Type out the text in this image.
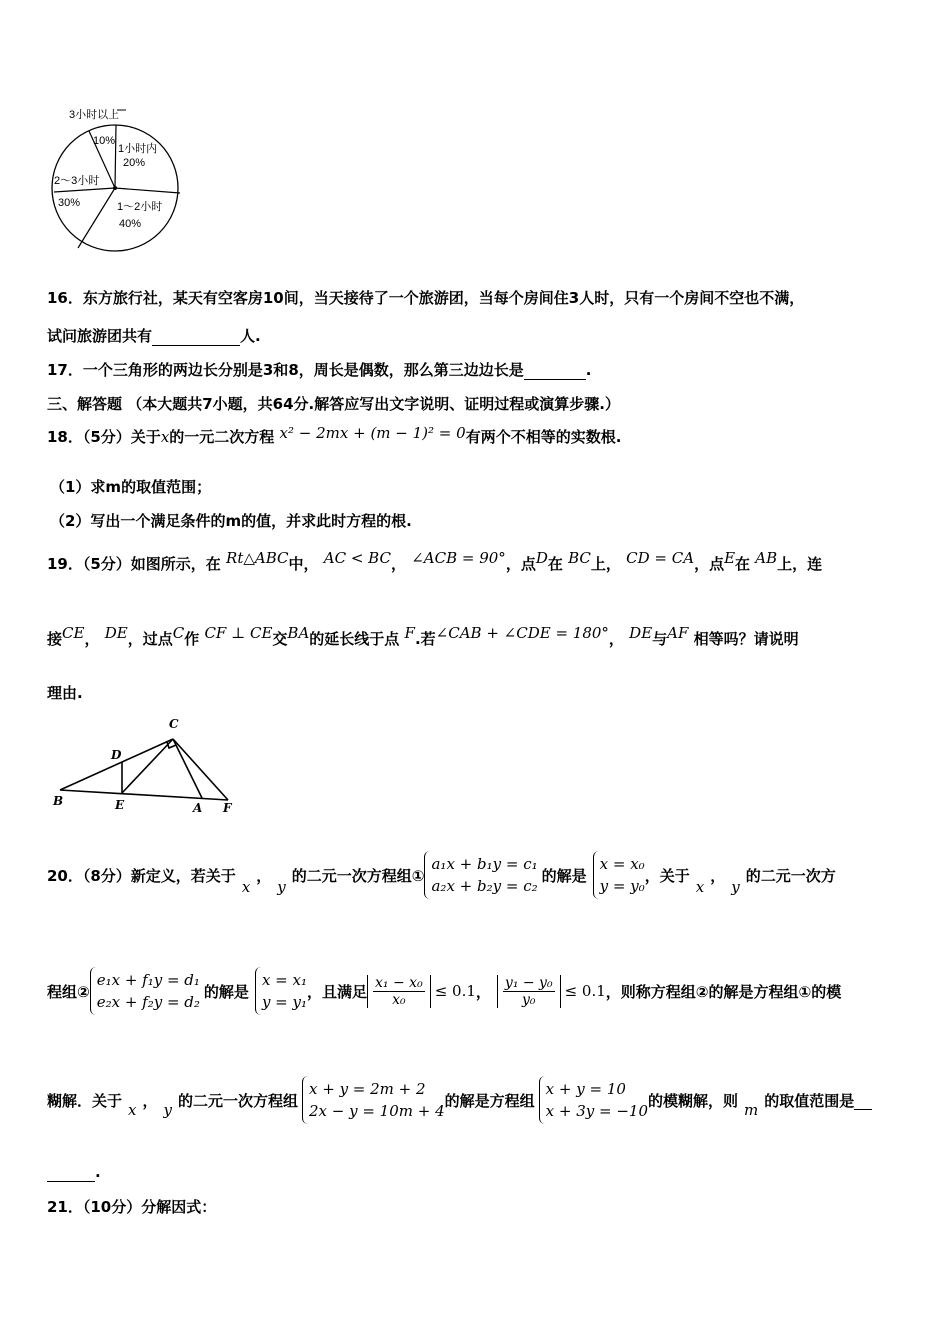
3小时以上
10%
1小时内
20%
2～3小时
30%	1～2小时
40%
16．东方旅行社，某天有空客房10间，当天接待了一个旅游团，当每个房间住3人时，只有一个房间不空也不满，
试问旅游团共有	人.
17．一个三角形的两边长分别是3和8，周长是偶数，那么第三边边长是	.
三、解答题 （本大题共7小题，共64分.解答应写出文字说明、证明过程或演算步骤.）
18．（5分）关于x的一元二次方程 x² − 2mx + (m − 1)² = 0有两个不相等的实数根.
（1）求m的取值范围；
（2）写出一个满足条件的m的值，并求此时方程的根.
19．（5分）如图所示，在 Rt△ABC中， AC < BC， ∠ACB = 90°，点D在 BC上， CD = CA，点E在 AB上，连
接CE， DE，过点C作 CF ⊥ CE交BA的延长线于点 F.若∠CAB + ∠CDE = 180°， DE与AF 相等吗？请说明
理由.
C
D
B	E	A F
20．（8分）新定义，若关于
x
，
y
的二元一次方程组①
a₁x + b₁y = c₁
a₂x + b₂y = c₂
的解是
x = x₀
y = y₀
，关于
x
，
y
的二元一次方
程组②
e₁x + f₁y = d₁
e₂x + f₂y = d₂
的解是
x = x₁
y = y₁
，且满足 $\frac{\text{x₁ − x₀}}{\text{x₀}} \le 0.1$ ， $\frac{\text{y₁ − y₀}}{\text{y₀}} \le 0.1$ ，则称方程组②的解是方程组①的模
糊解．关于
x
，
y
的二元一次方程组
x + y = 2m + 2
2x − y = 10m + 4
的解是方程组
x + y = 10
x + 3y = −10
的模糊解，则
m
的取值范围是

.
21．（10分）分解因式：
